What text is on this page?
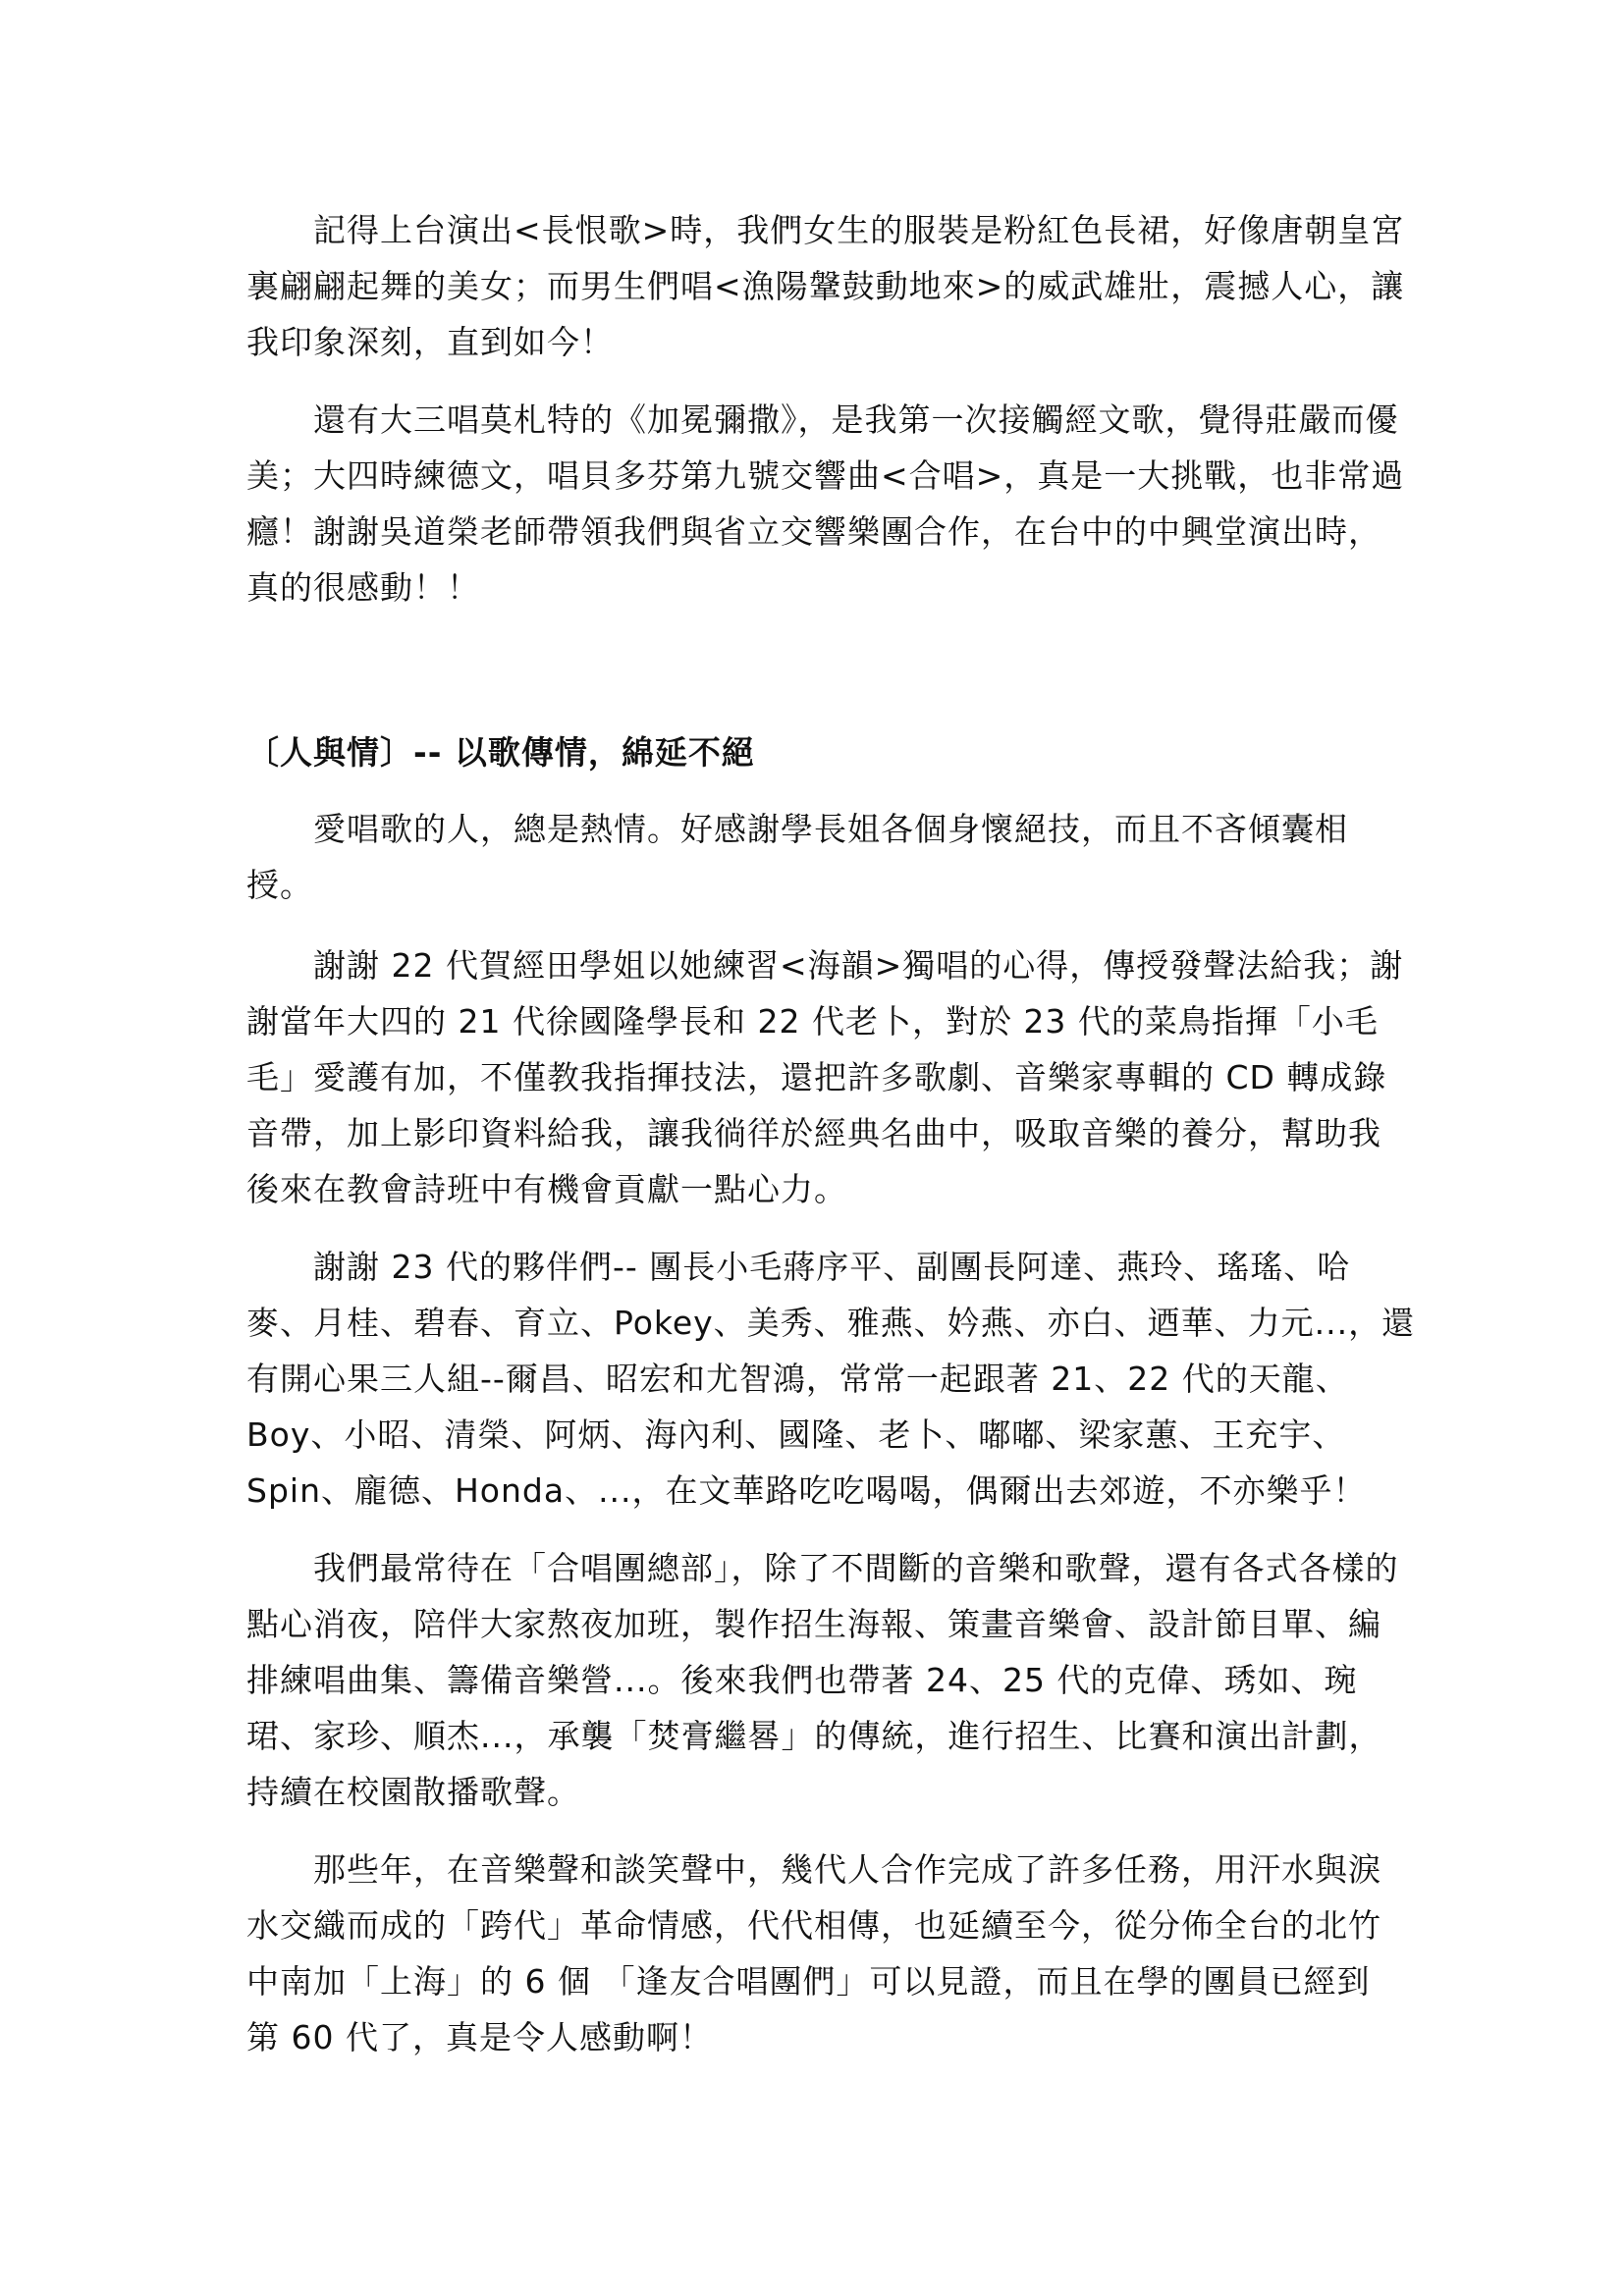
　　記得上台演出<長恨歌>時，我們女生的服裝是粉紅色長裙，好像唐朝皇宮
裏翩翩起舞的美女；而男生們唱<漁陽鞶鼓動地來>的威武雄壯，震撼人心，讓
我印象深刻，直到如今！
　　還有大三唱莫札特的《加冕彌撒》，是我第一次接觸經文歌，覺得莊嚴而優
美；大四時練德文，唱貝多芬第九號交響曲<合唱>，真是一大挑戰，也非常過
癮！謝謝吳道榮老師帶領我們與省立交響樂團合作，在台中的中興堂演出時，
真的很感動！！
〔人與情〕-- 以歌傳情，綿延不絕
　　愛唱歌的人，總是熱情。好感謝學長姐各個身懷絕技，而且不吝傾囊相
授。
　　謝謝 22 代賀經田學姐以她練習<海韻>獨唱的心得，傳授發聲法給我；謝
謝當年大四的 21 代徐國隆學長和 22 代老卜，對於 23 代的菜鳥指揮「小毛
毛」愛護有加，不僅教我指揮技法，還把許多歌劇、音樂家專輯的 CD 轉成錄
音帶，加上影印資料給我，讓我徜徉於經典名曲中，吸取音樂的養分，幫助我
後來在教會詩班中有機會貢獻一點心力。
　　謝謝 23 代的夥伴們-- 團長小毛蔣序平、副團長阿達、燕玲、瑤瑤、哈
麥、月桂、碧春、育立、Pokey、美秀、雅燕、妗燕、亦白、迺華、力元...，還
有開心果三人組--爾昌、昭宏和尤智鴻，常常一起跟著 21、22 代的天龍、
Boy、小昭、清榮、阿炳、海內利、國隆、老卜、嘟嘟、梁家蕙、王充宇、
Spin、龐德、Honda、...，在文華路吃吃喝喝，偶爾出去郊遊，不亦樂乎！
　　我們最常待在「合唱團總部」，除了不間斷的音樂和歌聲，還有各式各樣的
點心消夜，陪伴大家熬夜加班，製作招生海報、策畫音樂會、設計節目單、編
排練唱曲集、籌備音樂營...。後來我們也帶著 24、25 代的克偉、琇如、琬
珺、家珍、順杰...，承襲「焚膏繼晷」的傳統，進行招生、比賽和演出計劃，
持續在校園散播歌聲。
　　那些年，在音樂聲和談笑聲中，幾代人合作完成了許多任務，用汗水與淚
水交織而成的「跨代」革命情感，代代相傳，也延續至今，從分佈全台的北竹
中南加「上海」的 6 個 「逢友合唱團們」可以見證，而且在學的團員已經到
第 60 代了，真是令人感動啊！
